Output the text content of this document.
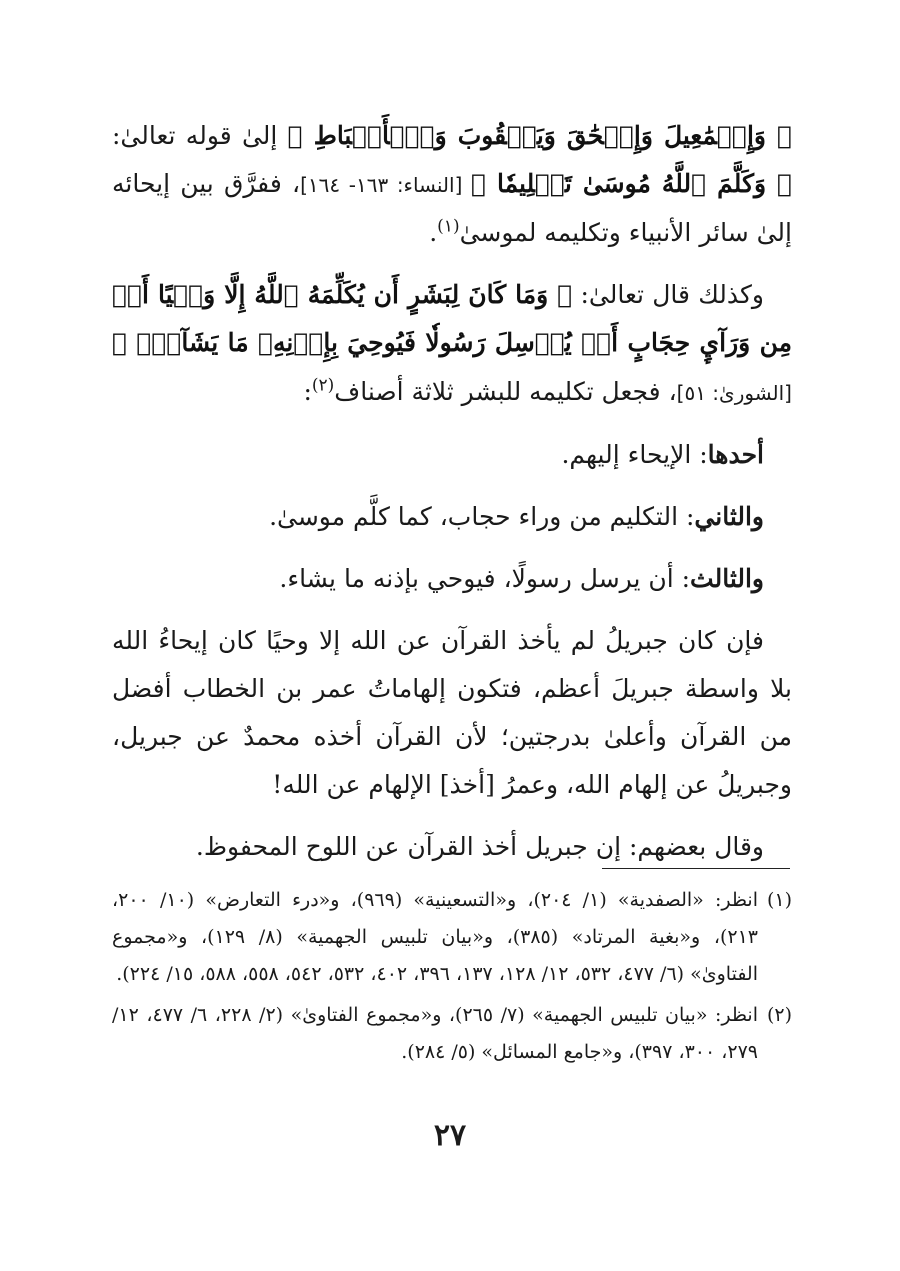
﴿ وَإِسۡمَٰعِيلَ وَإِسۡحَٰقَ وَيَعۡقُوبَ وَٱلۡأَسۡبَاطِ ﴾ إلىٰ قوله تعالىٰ: ﴿ وَكَلَّمَ ٱللَّهُ مُوسَىٰ تَكۡلِيمٗا ﴾ [النساء: ١٦٣- ١٦٤]، ففرَّق بين إيحائه إلىٰ سائر الأنبياء وتكليمه لموسىٰ$^{(١)}$.

وكذلك قال تعالىٰ: ﴿ وَمَا كَانَ لِبَشَرٍ أَن يُكَلِّمَهُ ٱللَّهُ إِلَّا وَحۡيًا أَوۡ مِن وَرَآيِٕ حِجَابٍ أَوۡ يُرۡسِلَ رَسُولٗا فَيُوحِيَ بِإِذۡنِهِۦ مَا يَشَآءُۚ ﴾ [الشورىٰ: ٥١]، فجعل تكليمه للبشر ثلاثة أصناف$^{(٢)}$:

أحدها: الإيحاء إليهم.

والثاني: التكليم من وراء حجاب، كما كلَّم موسىٰ.

والثالث: أن يرسل رسولًا، فيوحي بإذنه ما يشاء.

فإن كان جبريلُ لم يأخذ القرآن عن الله إلا وحيًا كان إيحاءُ الله بلا واسطة جبريلَ أعظم، فتكون إلهاماتُ عمر بن الخطاب أفضل من القرآن وأعلىٰ بدرجتين؛ لأن القرآن أخذه محمدٌ عن جبريل، وجبريلُ عن إلهام الله، وعمرُ [أخذ] الإلهام عن الله!

وقال بعضهم: إن جبريل أخذ القرآن عن اللوح المحفوظ.

(١)
انظر: «الصفدية» (١/ ٢٠٤)، و«التسعينية» (٩٦٩)، و«درء التعارض» (١٠/ ٢٠٠، ٢١٣)، و«بغية المرتاد» (٣٨٥)، و«بيان تلبيس الجهمية» (٨/ ١٢٩)، و«مجموع الفتاوىٰ» (٦/ ٤٧٧، ٥٣٢، ١٢/ ١٢٨، ١٣٧، ٣٩٦، ٤٠٢، ٥٣٢، ٥٤٢، ٥٥٨، ٥٨٨، ١٥/ ٢٢٤).
(٢)
انظر: «بيان تلبيس الجهمية» (٧/ ٢٦٥)، و«مجموع الفتاوىٰ» (٢/ ٢٢٨، ٦/ ٤٧٧، ١٢/ ٢٧٩، ٣٠٠، ٣٩٧)، و«جامع المسائل» (٥/ ٢٨٤).
٢٧
